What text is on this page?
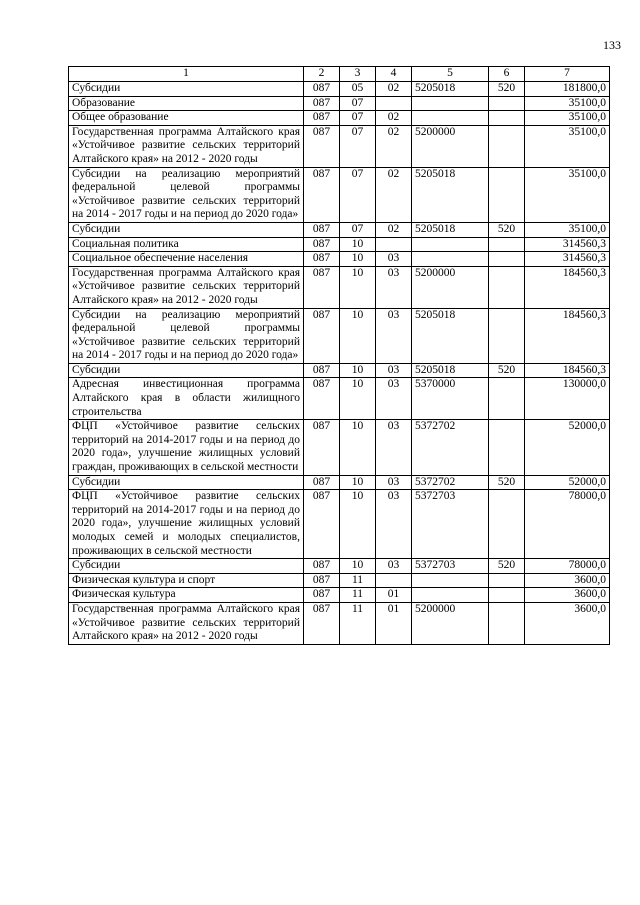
133
1	2	3	4	5	6	7

Субсидии	087	05	02	5205018	520	181800,0

Образование	087	07				35100,0

Общее образование	087	07	02			35100,0

Государственная программа Алтайского края «Устойчивое развитие сельских территорий Алтайского края» на 2012 - 2020 годы	087	07	02	5200000		35100,0

Субсидии на реализацию мероприятий федеральной целевой программы «Устойчивое развитие сельских территорий на 2014 - 2017 годы и на период до 2020 года»	087	07	02	5205018		35100,0

Субсидии	087	07	02	5205018	520	35100,0

Социальная политика	087	10				314560,3

Социальное обеспечение населения	087	10	03			314560,3

Государственная программа Алтайского края «Устойчивое развитие сельских территорий Алтайского края» на 2012 - 2020 годы	087	10	03	5200000		184560,3

Субсидии на реализацию мероприятий федеральной целевой программы «Устойчивое развитие сельских территорий на 2014 - 2017 годы и на период до 2020 года»	087	10	03	5205018		184560,3

Субсидии	087	10	03	5205018	520	184560,3

Адресная инвестиционная программа Алтайского края в области жилищного строительства	087	10	03	5370000		130000,0

ФЦП «Устойчивое развитие сельских территорий на 2014-2017 годы и на период до 2020 года», улучшение жилищных условий граждан, проживающих в сельской местности	087	10	03	5372702		52000,0

Субсидии	087	10	03	5372702	520	52000,0

ФЦП «Устойчивое развитие сельских территорий на 2014-2017 годы и на период до 2020 года», улучшение жилищных условий молодых семей и молодых специалистов, проживающих в сельской местности	087	10	03	5372703		78000,0

Субсидии	087	10	03	5372703	520	78000,0

Физическая культура и спорт	087	11				3600,0

Физическая культура	087	11	01			3600,0

Государственная программа Алтайского края «Устойчивое развитие сельских территорий Алтайского края» на 2012 - 2020 годы	087	11	01	5200000		3600,0
